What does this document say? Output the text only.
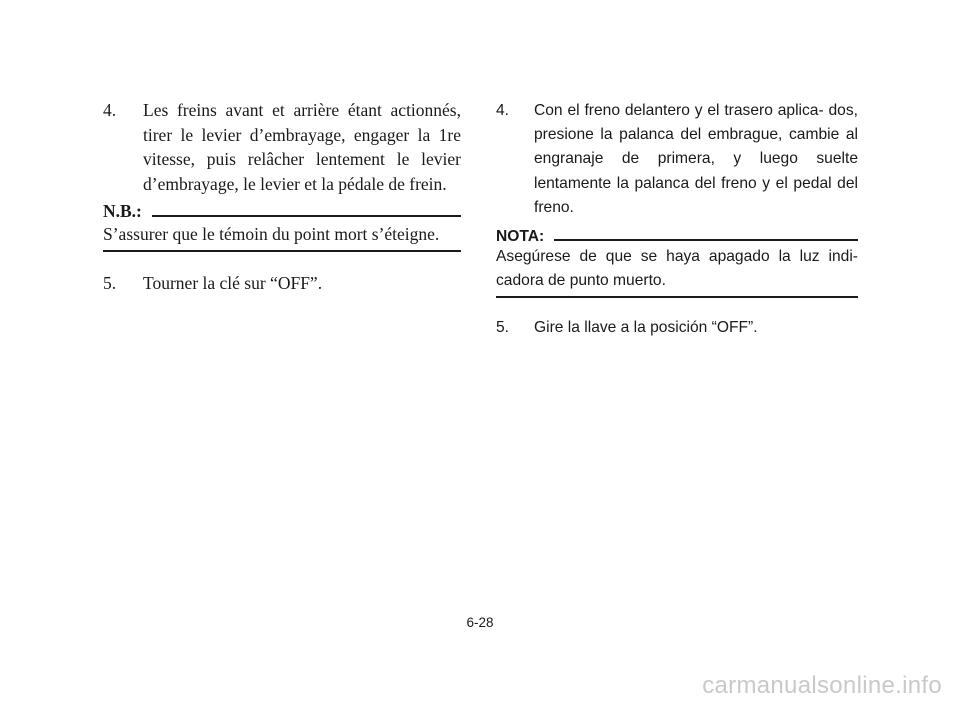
4. Les freins avant et arrière étant actionnés, tirer le levier d’embrayage, engager la 1re vitesse, puis relâcher lentement le levier d’embrayage, le levier et la pédale de frein.
N.B.:
S’assurer que le témoin du point mort s’éteigne.
5. Tourner la clé sur “OFF”.
4. Con el freno delantero y el trasero aplica- dos, presione la palanca del embrague, cambie al engranaje de primera, y luego suelte lentamente la palanca del freno y el pedal del freno.
NOTA:
Asegúrese de que se haya apagado la luz indi- cadora de punto muerto.
5. Gire la llave a la posición “OFF”.
6-28
carmanualsonline.info
